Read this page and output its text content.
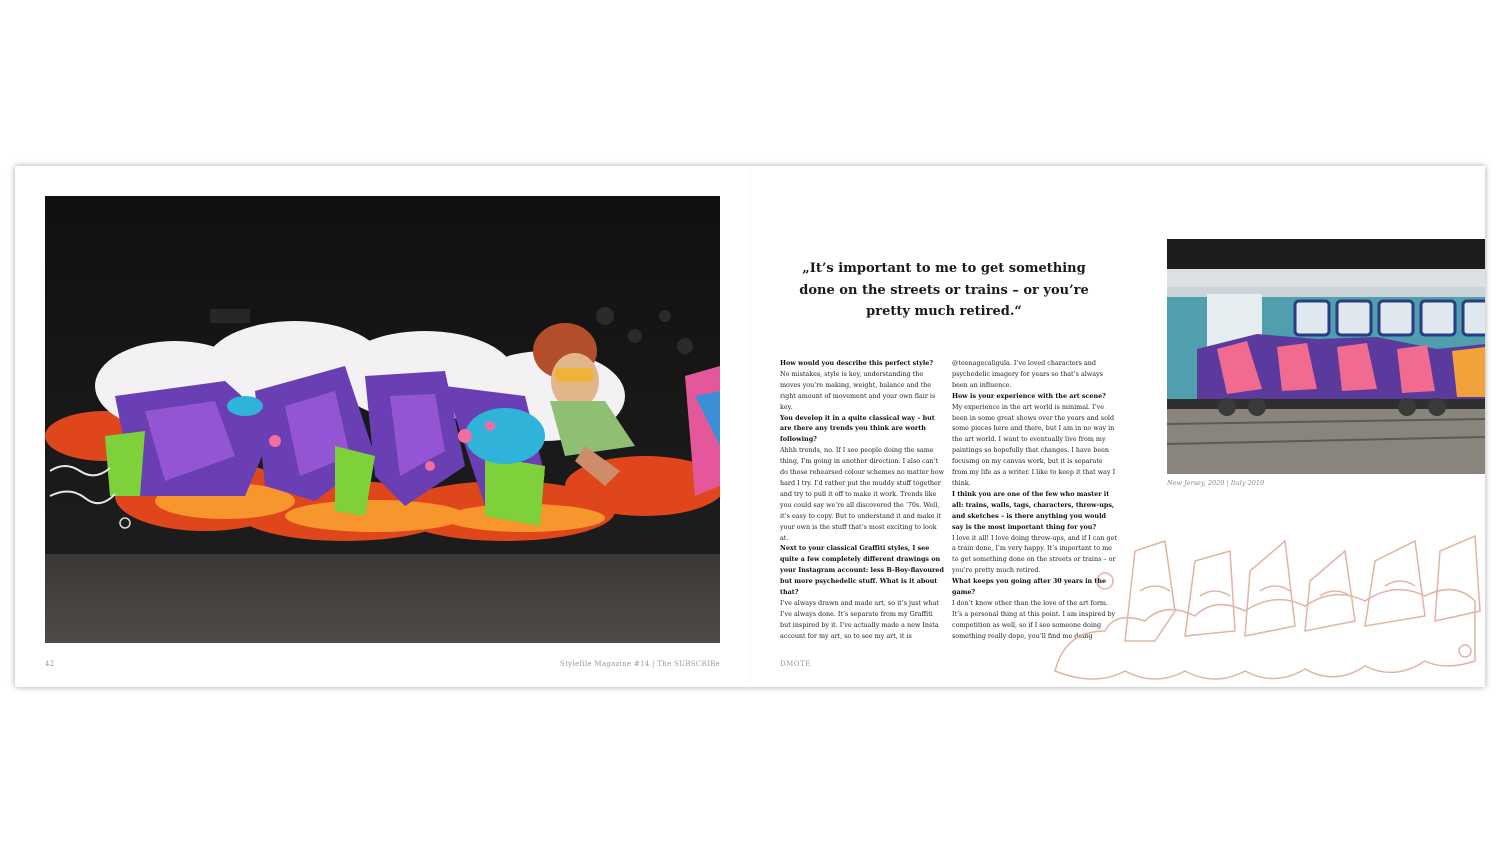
42	Stylefile Magazine #14 | The SUBSCRIBe	DMOTE
„It’s important to me to get something
done on the streets or trains – or you’re
pretty much retired.“

How would you describe this perfect style?

No mistakes, style is key, understanding the moves you’re making, weight, balance and the right amount of movement and your own flair is key.

You develop it in a quite classical way – but are there any trends you think are worth following?

Ahhh trends, no. If I see people doing the same thing, I’m going in another direction. I also can’t do those rehearsed colour schemes no matter how hard I try. I’d rather put the muddy stuff together and try to pull it off to make it work. Trends like you could say we’re all discovered the ‘70s. Well, it’s easy to copy. But to understand it and make it your own is the stuff that’s most exciting to look at.

Next to your classical Graffiti styles, I see quite a few completely different drawings on your Instagram account: less B-Boy-flavoured but more psychedelic stuff. What is it about that?

I’ve always drawn and made art, so it’s just what I’ve always done. It’s separate from my Graffiti but inspired by it. I’ve actually made a new Insta account for my art, so to see my art, it is

@teenagecaligula. I’ve loved characters and psychedelic imagery for years so that’s always been an influence.

How is your experience with the art scene?

My experience in the art world is minimal. I’ve been in some great shows over the years and sold some pieces here and there, but I am in no way in the art world. I want to eventually live from my paintings so hopefully that changes. I have been focusing on my canvas work, but it is separate from my life as a writer. I like to keep it that way I think.

I think you are one of the few who master it all: trains, walls, tags, characters, throw-ups, and sketches – is there anything you would say is the most important thing for you?

I love it all! I love doing throw-ups, and if I can get a train done, I’m very happy. It’s important to me to get something done on the streets or trains – or you’re pretty much retired.

What keeps you going after 30 years in the game?

I don’t know other than the love of the art form. It’s a personal thing at this point. I am inspired by competition as well, so if I see someone doing something really dope, you’ll find me doing

New Jersey, 2020 | Italy 2019
